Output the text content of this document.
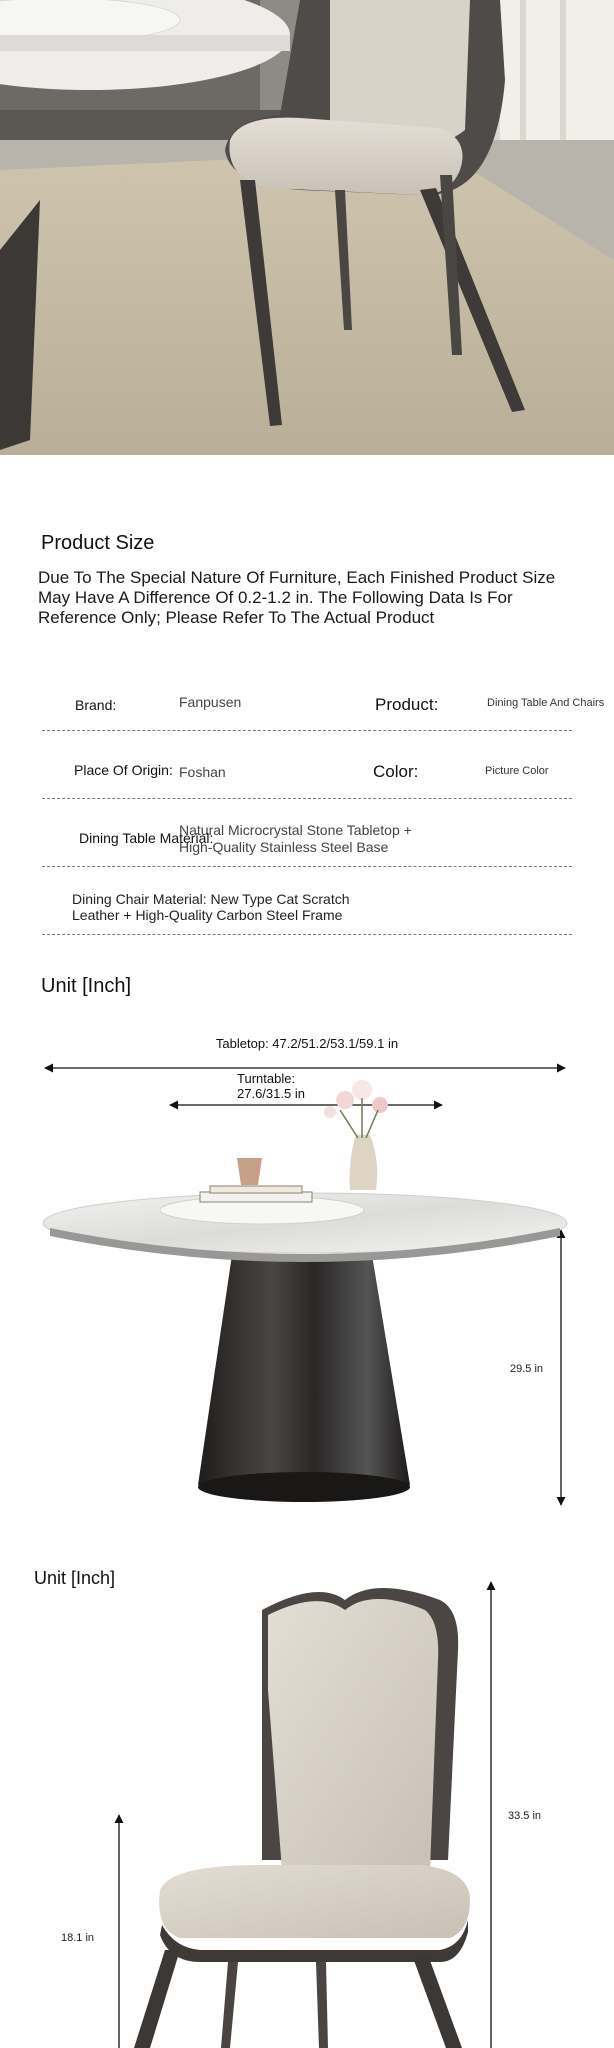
Product Size
Due To The Special Nature Of Furniture, Each Finished Product Size May Have A Difference Of 0.2-1.2 in. The Following Data Is For Reference Only; Please Refer To The Actual Product
Brand:	Fanpusen	Product:	Dining Table And Chairs
Place Of Origin: Foshan	Color:	Picture Color
Dining Table Material:
Natural Microcrystal Stone Tabletop + High-Quality Stainless Steel Base
Dining Chair Material: New Type Cat Scratch Leather + High-Quality Carbon Steel Frame
Unit [Inch]
Tabletop: 47.2/51.2/53.1/59.1 in
Turntable:
27.6/31.5 in
29.5 in
Unit [Inch]
33.5 in
18.1 in
